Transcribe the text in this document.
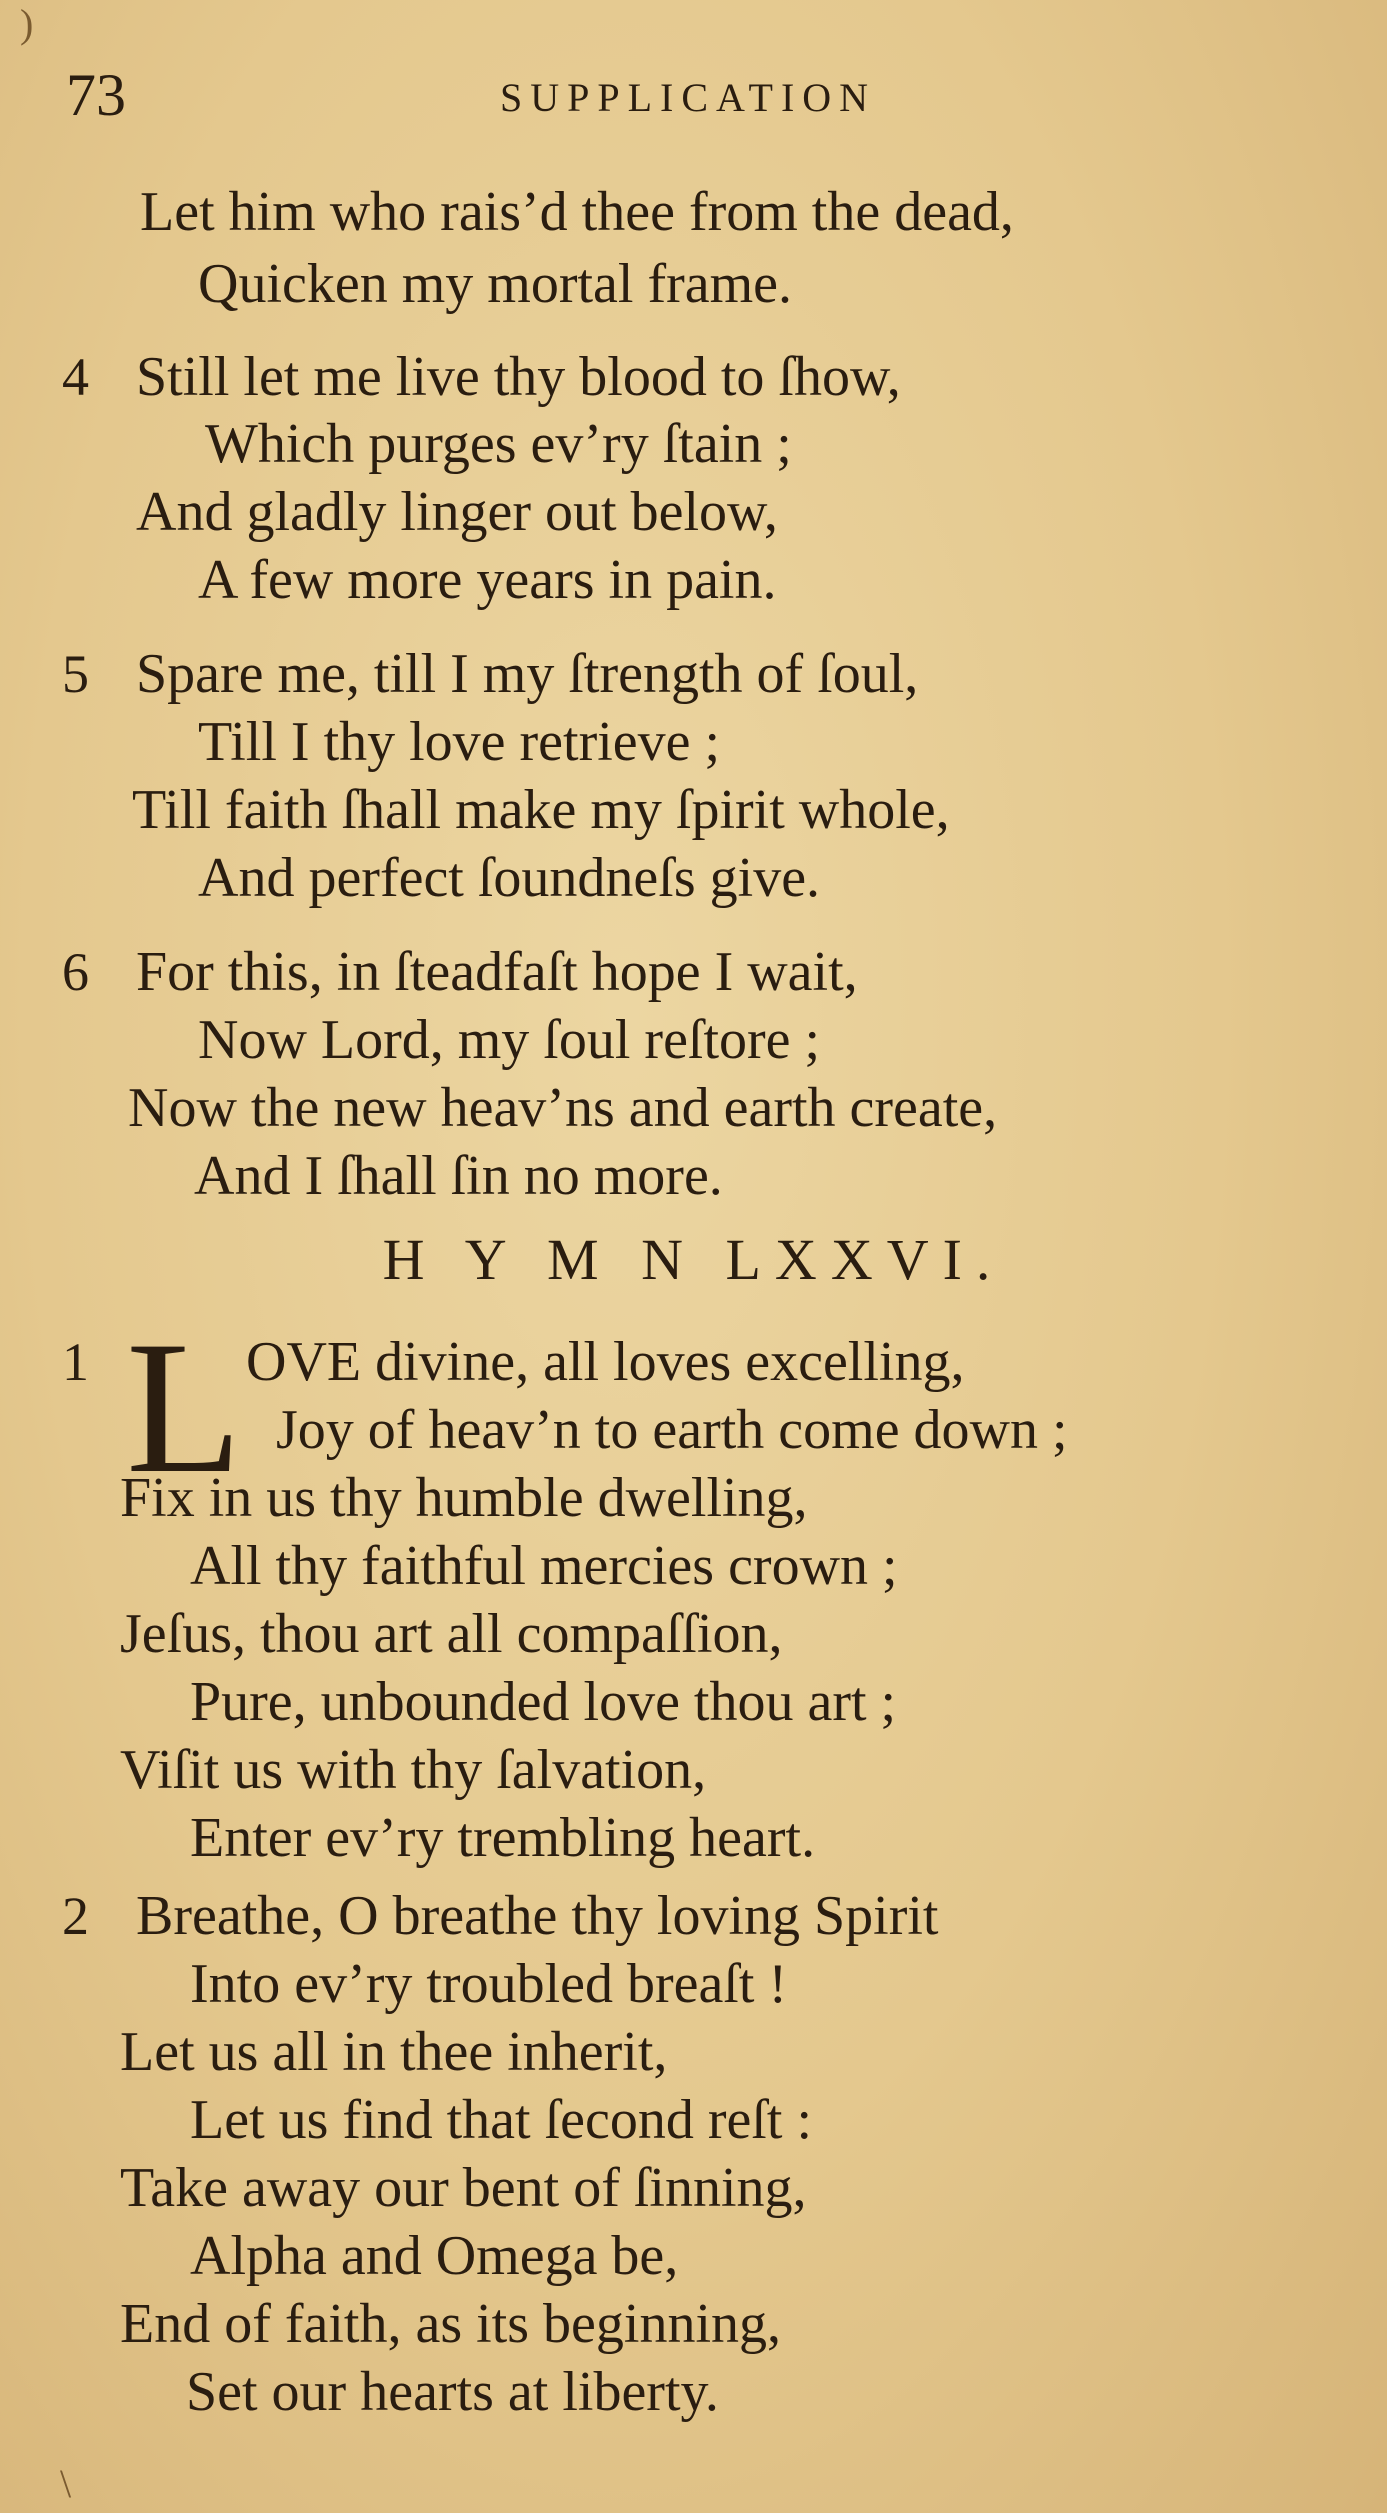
73	SUPPLICATION
Let him who rais’d thee from the dead,
Quicken my mortal frame.
4 Still let me live thy blood to ſhow,
Which purges ev’ry ſtain ;
And gladly linger out below,
A few more years in pain.
5 Spare me, till I my ſtrength of ſoul,
Till I thy love retrieve ;
Till faith ſhall make my ſpirit whole,
And perfect ſoundneſs give.
6 For this, in ſteadfaſt hope I wait,
Now Lord, my ſoul reſtore ;
Now the new heav’ns and earth create,
And I ſhall ſin no more.
H Y M N LXXVI.
1 L OVE divine, all loves excelling,
Joy of heav’n to earth come down ;
Fix in us thy humble dwelling,
All thy faithful mercies crown ;
Jeſus, thou art all compaſſion,
Pure, unbounded love thou art ;
Viſit us with thy ſalvation,
Enter ev’ry trembling heart.
2 Breathe, O breathe thy loving Spirit
Into ev’ry troubled breaſt !
Let us all in thee inherit,
Let us find that ſecond reſt :
Take away our bent of ſinning,
Alpha and Omega be,
End of faith, as its beginning,
Set our hearts at liberty.
)
\
